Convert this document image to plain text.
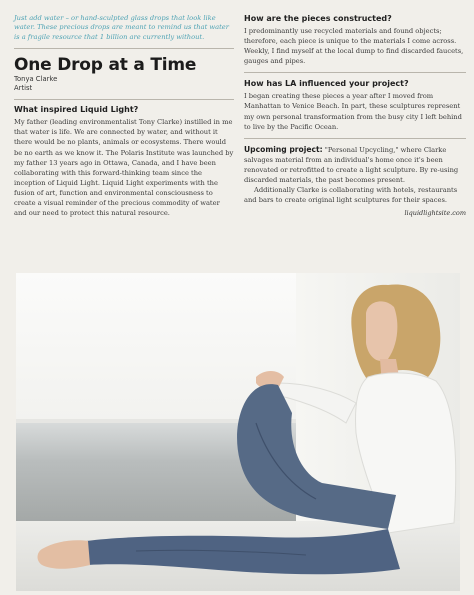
Just add water – or hand-sculpted glass drops that look like water. These precious drops are meant to remind us that water is a fragile resource that 1 billion are currently without.
One Drop at a Time
Tonya Clarke
Artist
What inspired Liquid Light?

My father (leading environmentalist Tony Clarke) instilled in me that water is life. We are connected by water, and without it there would be no plants, animals or ecosystems. There would be no earth as we know it. The Polaris Institute was launched by my father 13 years ago in Ottawa, Canada, and I have been collaborating with this forward-thinking team since the inception of Liquid Light. Liquid Light experiments with the fusion of art, function and environmental consciousness to create a visual reminder of the precious commodity of water and our need to protect this natural resource.

How are the pieces constructed?

I predominantly use recycled materials and found objects; therefore, each piece is unique to the materials I come across. Weekly, I find myself at the local dump to find discarded faucets, gauges and pipes.

How has LA influenced your project?

I began creating these pieces a year after I moved from Manhattan to Venice Beach. In part, these sculptures represent my own personal transformation from the busy city I left behind to live by the Pacific Ocean.

Upcoming project: "Personal Upcycling," where Clarke salvages material from an individual's home once it's been renovated or retrofitted to create a light sculpture. By re-using discarded materials, the past becomes present.

Additionally Clarke is collaborating with hotels, restaurants and bars to create original light sculptures for their spaces.

liquidlightsite.com
